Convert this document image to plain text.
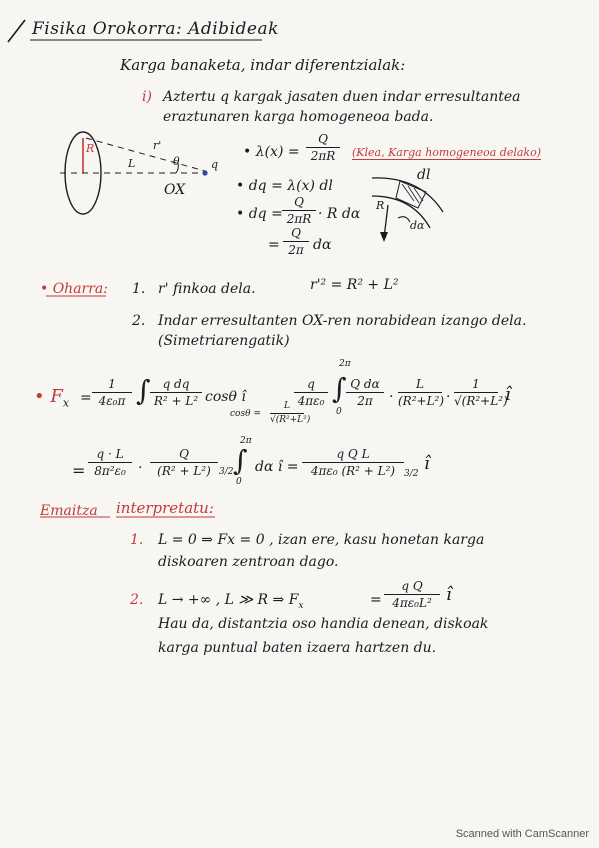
Fisika Orokorra: Adibideak
Karga banaketa, indar diferentzialak:
i) Aztertu q kargak jasaten duen indar erresultantea
eraztunaren karga homogeneoa bada.
R	r'
L	θ	q
OX
• $\lambda(x) = \frac{Q}{2\pi R}$ (Klea, Karga homogeneoa delako)
• dq = λ(x) dl
• dq = $\frac{Q}{2\pi R} \cdot R$ dα
= $\frac{Q}{2\pi}$ dα
dl
R
dα
• Oharra: 1. r' finkoa dela.	r'² = R² + L²
2. Indar erresultanten OX-ren norabidean izango dela.
(Simetriarengatik)
• $F_x = \frac{1}{\text{4ε₀π}}$ ∫ $\frac{\text{q dq}}{\text{R² + L²}}$ cosθ î
$\cos\theta = \frac{L}{\text{√(R²+L²)}}$
$\frac{q}{\text{4πε₀}}$
2π
∫
0
$\frac{\text{Q dα}}{2\pi} \cdot \frac{L}{\text{(R²+L²)}} \cdot \frac{1}{\text{√(R²+L²)}}$ î
= $\frac{q \cdot L}{\text{8π²ε₀}} \cdot \frac{Q}{\text{(R² + L²)}} 3/2$
2π
∫
0
dα î = $\frac{\text{q Q L}}{\text{4πε₀ (R² + L²)}} 3/2$ î
Emaitza interpretatu:
1. L = 0 ⇒ Fx = 0 , izan ere, kasu honetan karga
diskoaren zentroan dago.
2. L → +∞ , L ≫ R ⇒ $F_x$	= $\frac{\text{q Q}}{\text{4πε₀L²}}$ î
Hau da, distantzia oso handia denean, diskoak
karga puntual baten izaera hartzen du.
Scanned with CamScanner
